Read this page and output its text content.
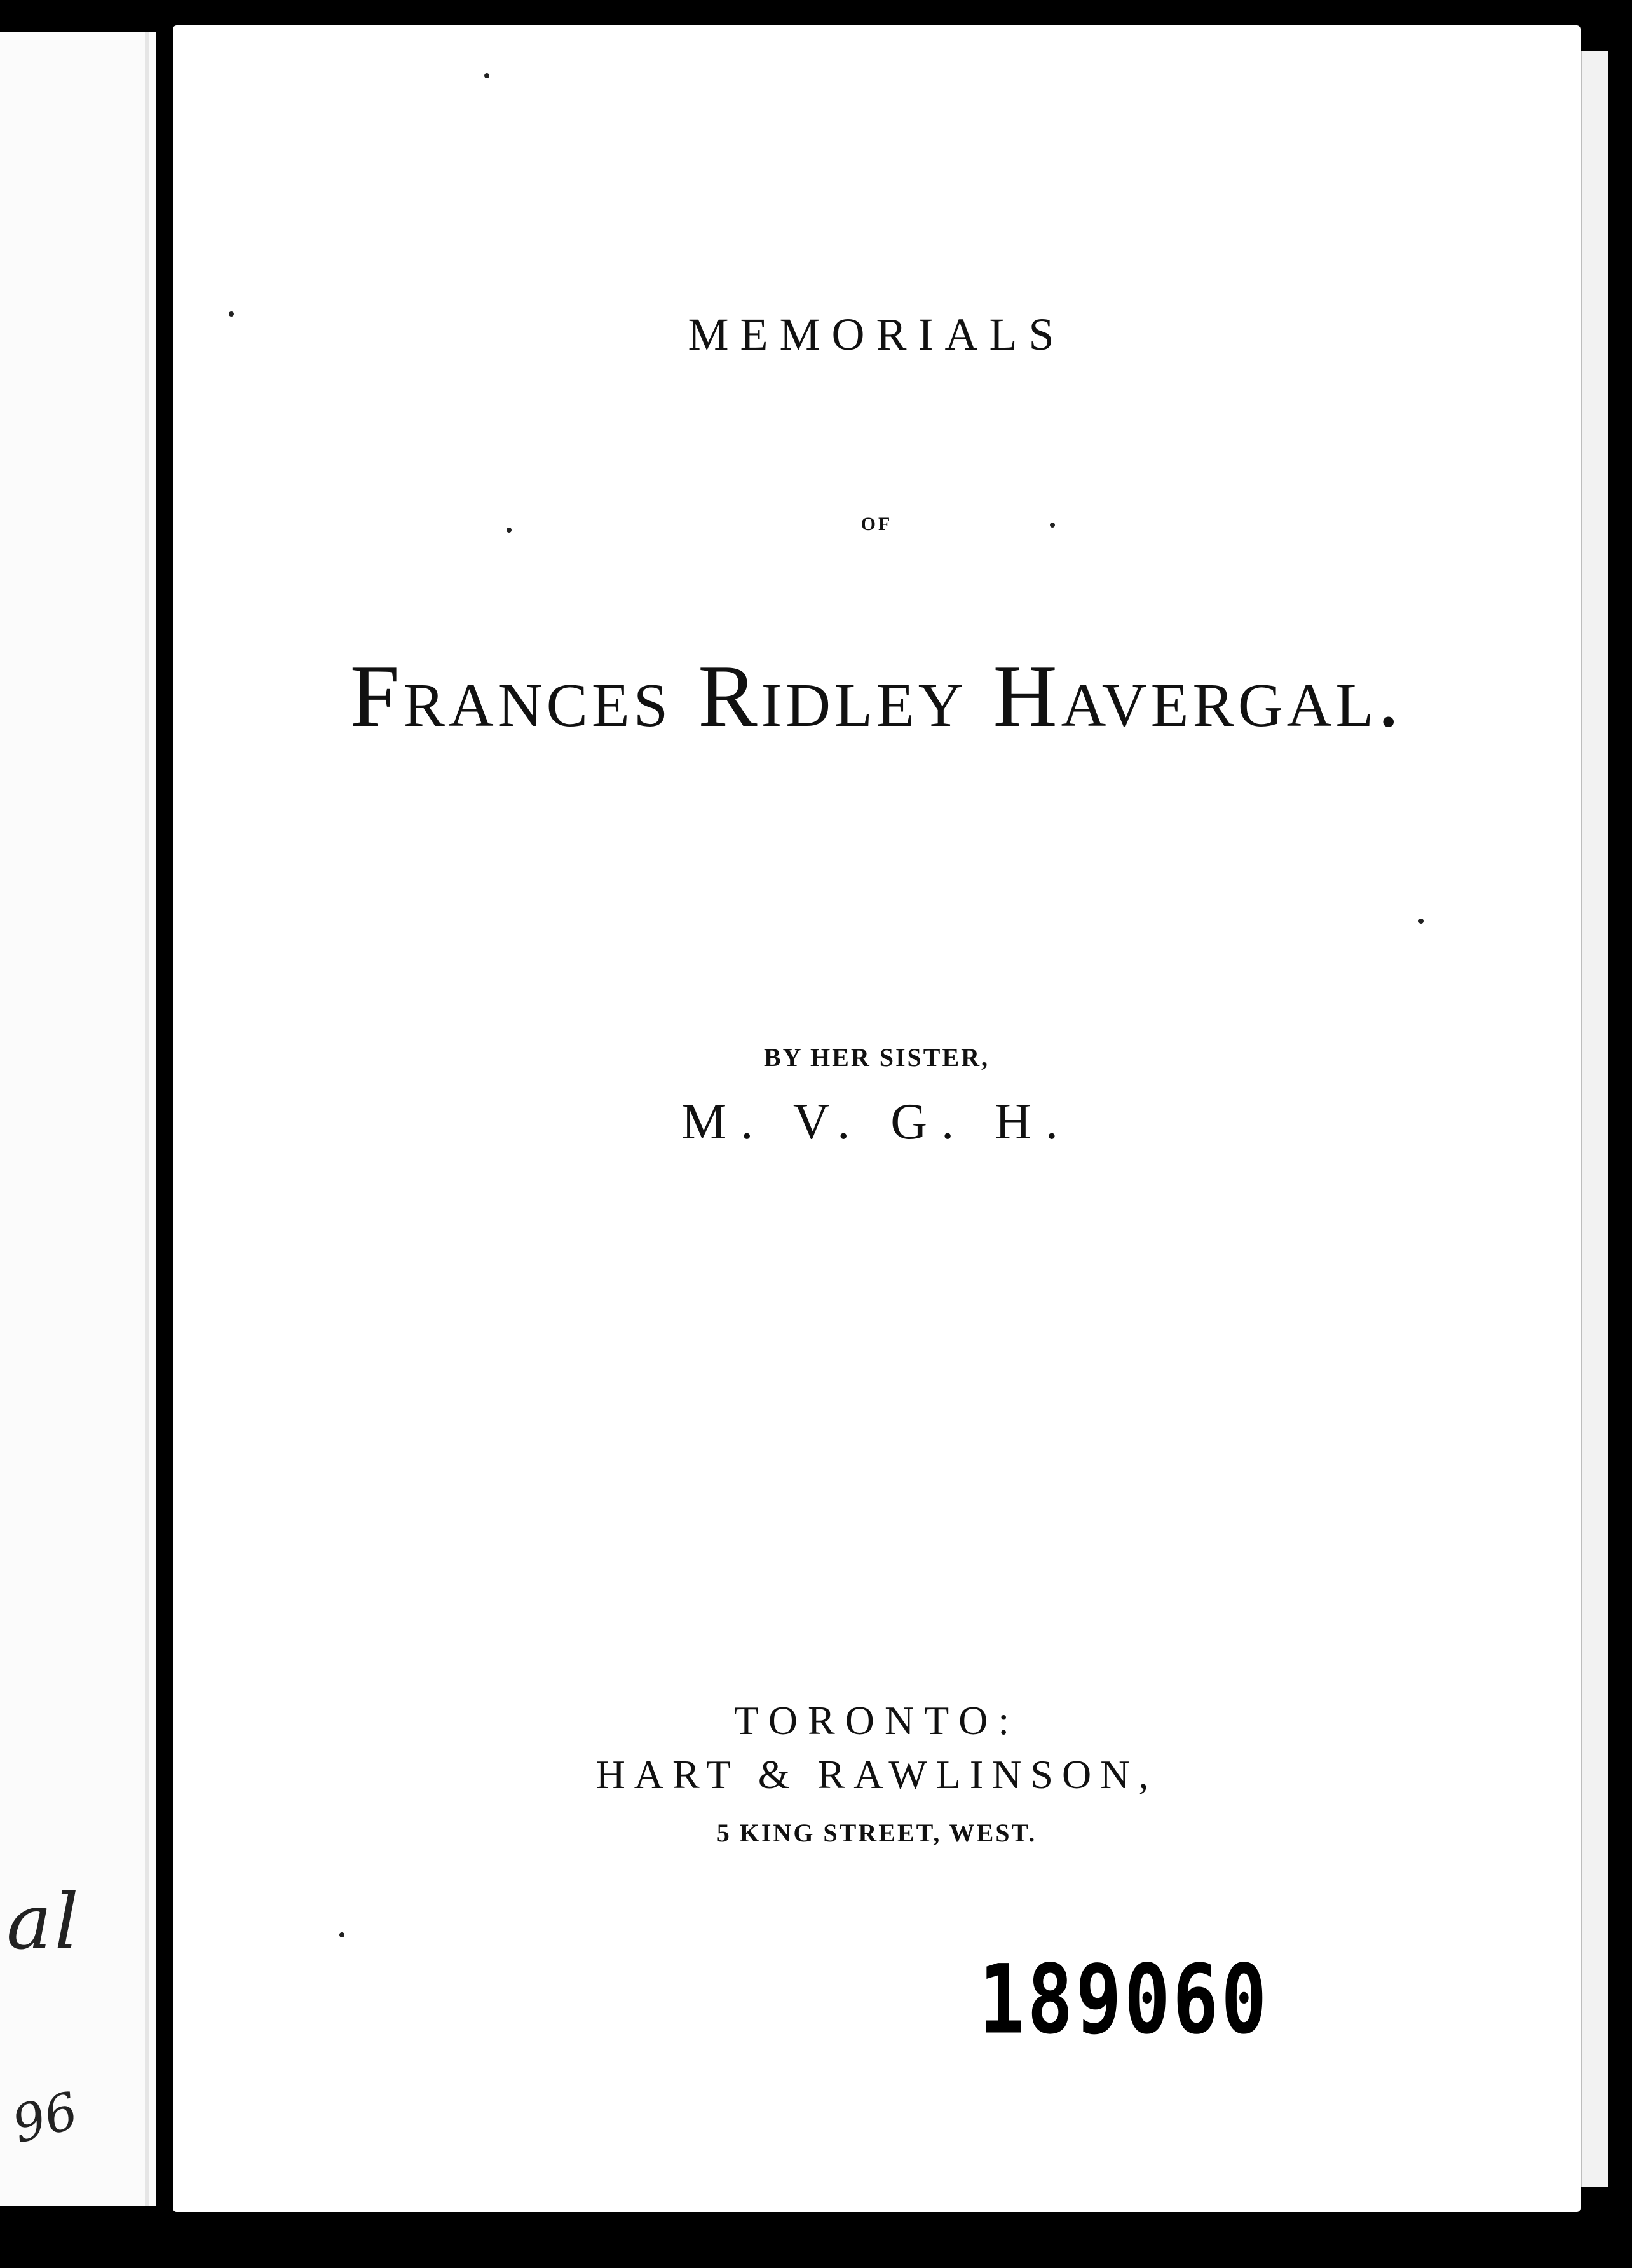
al
96
MEMORIALS
OF
Frances Ridley Havergal.
BY HER SISTER,
M. V. G. H.
TORONTO:
HART & RAWLINSON,
5 KING STREET, WEST.
189060
